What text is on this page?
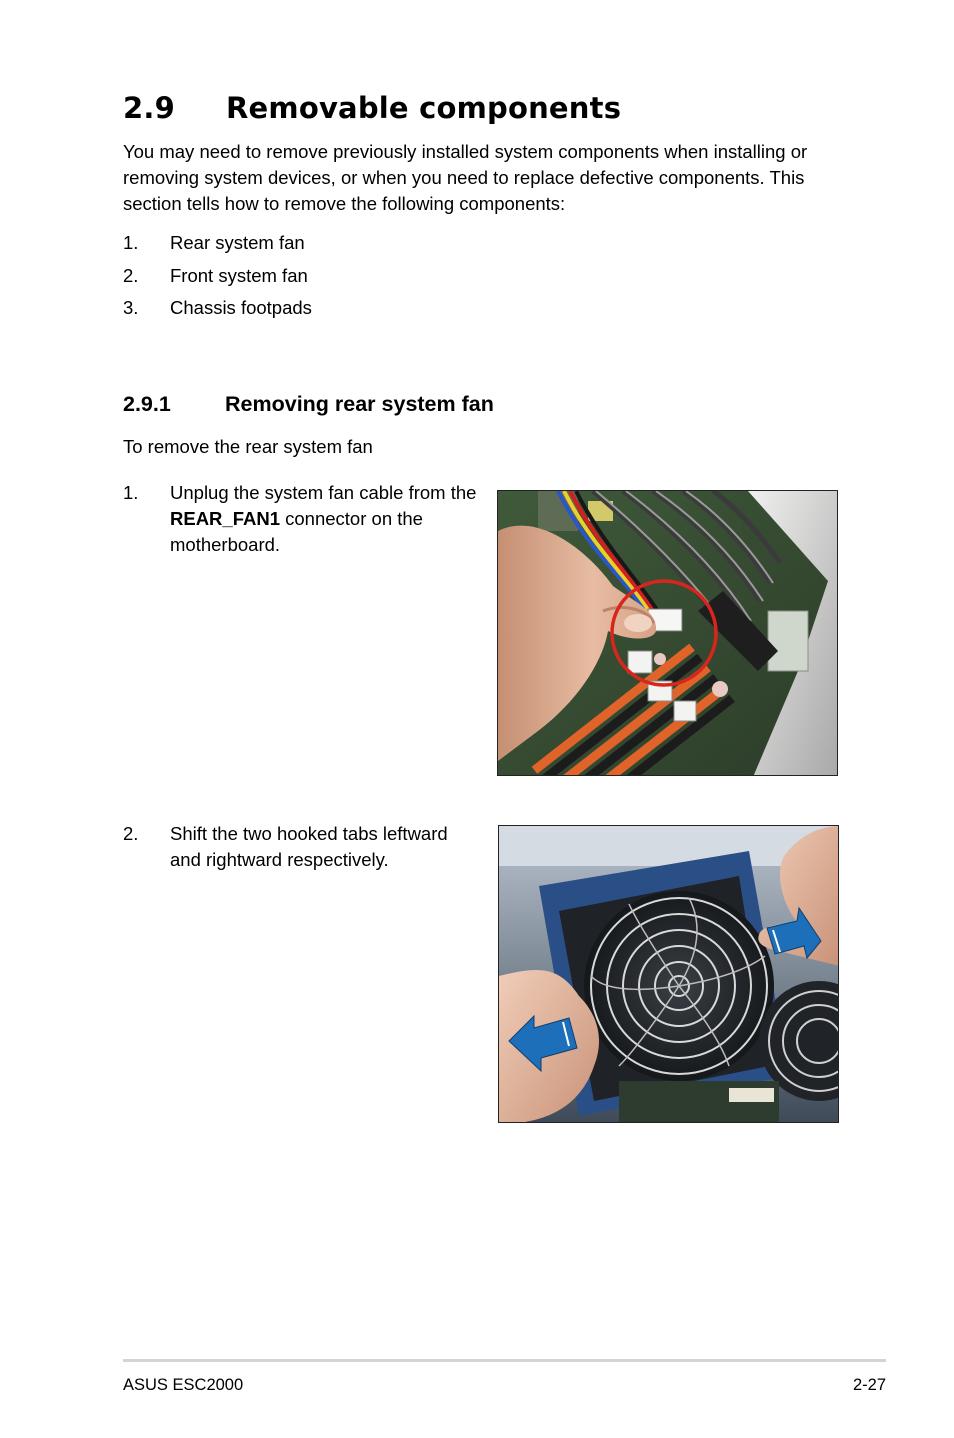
2.9 Removable components

You may need to remove previously installed system components when installing or removing system devices, or when you need to replace defective components. This section tells how to remove the following components:

1. Rear system fan
2. Front system fan
3. Chassis footpads
2.9.1	Removing rear system fan

To remove the rear system fan

1. Unplug the system fan cable from the REAR_FAN1 connector on the motherboard.
2. Shift the two hooked tabs leftward and rightward respectively.
ASUS ESC2000	2-27
